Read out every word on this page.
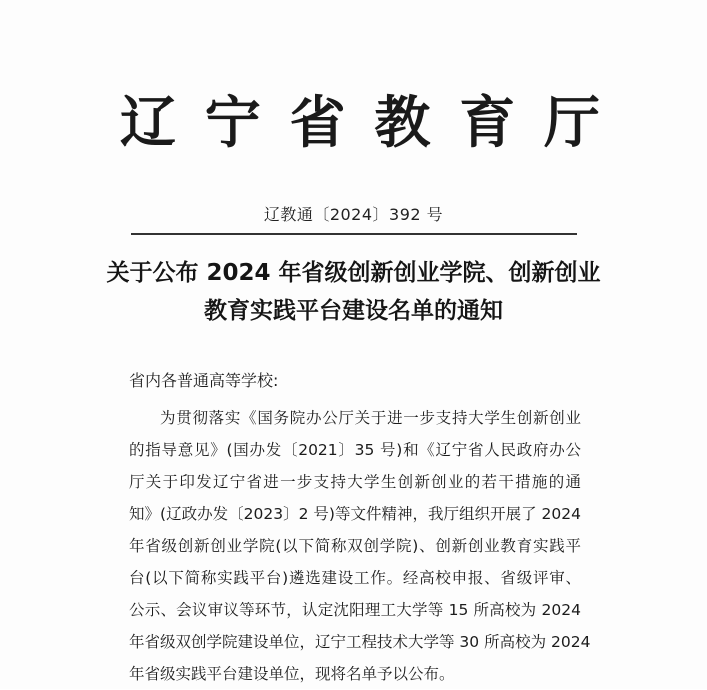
辽 宁 省 教 育 厅
辽教通〔2024〕392 号
关于公布 2024 年省级创新创业学院、创新创业
教育实践平台建设名单的通知
省内各普通高等学校:
为贯彻落实《国务院办公厅关于进一步支持大学生创新创业
的指导意见》(国办发〔2021〕35 号)和《辽宁省人民政府办公
厅关于印发辽宁省进一步支持大学生创新创业的若干措施的通
知》(辽政办发〔2023〕2 号)等文件精神，我厅组织开展了 2024
年省级创新创业学院(以下简称双创学院)、创新创业教育实践平
台(以下简称实践平台)遴选建设工作。经高校申报、省级评审、
公示、会议审议等环节，认定沈阳理工大学等 15 所高校为 2024
年省级双创学院建设单位，辽宁工程技术大学等 30 所高校为 2024
年省级实践平台建设单位，现将名单予以公布。
